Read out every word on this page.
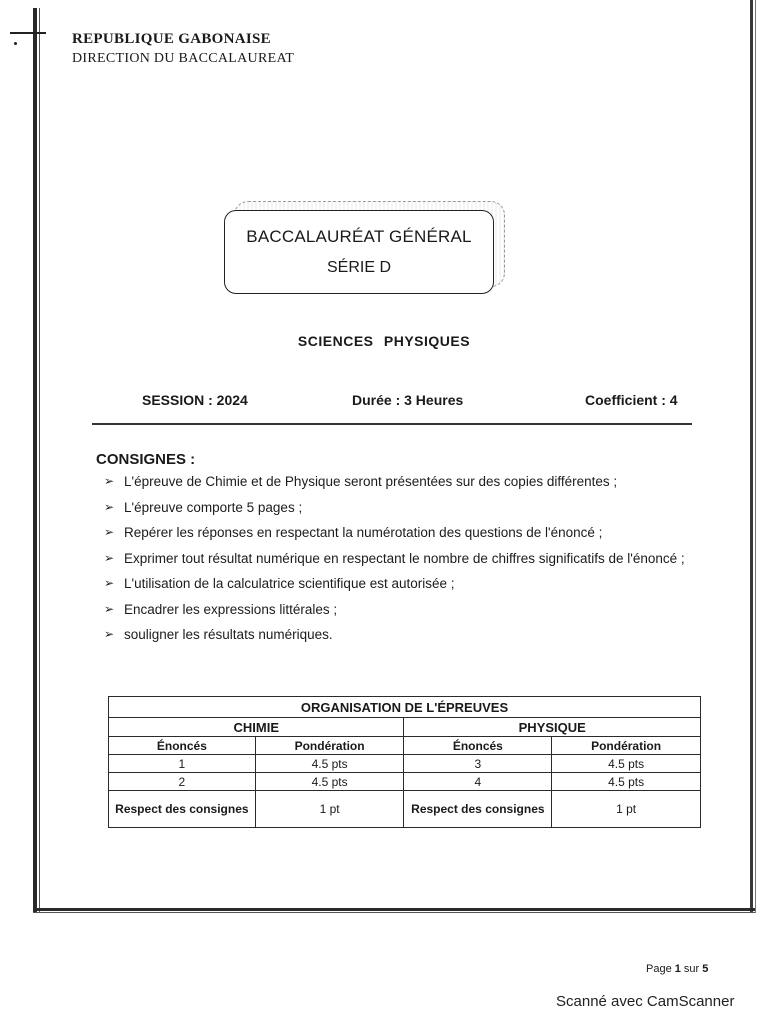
REPUBLIQUE GABONAISE
DIRECTION DU BACCALAUREAT
BACCALAURÉAT GÉNÉRAL
SÉRIE D
SCIENCES PHYSIQUES
SESSION : 2024	Durée : 3 Heures	Coefficient : 4
CONSIGNES :
➢ L'épreuve de Chimie et de Physique seront présentées sur des copies différentes ;
➢ L'épreuve comporte 5 pages ;
➢ Repérer les réponses en respectant la numérotation des questions de l'énoncé ;
➢ Exprimer tout résultat numérique en respectant le nombre de chiffres significatifs de l'énoncé ;
➢ L'utilisation de la calculatrice scientifique est autorisée ;
➢ Encadrer les expressions littérales ;
➢ souligner les résultats numériques.
ORGANISATION DE L'ÉPREUVES			
CHIMIE		PHYSIQUE	
Énoncés	Pondération	Énoncés	Pondération
1	4.5 pts	3	4.5 pts
2	4.5 pts	4	4.5 pts
Respect des consignes	1 pt	Respect des consignes	1 pt
Page 1 sur 5
Scanné avec CamScanner
